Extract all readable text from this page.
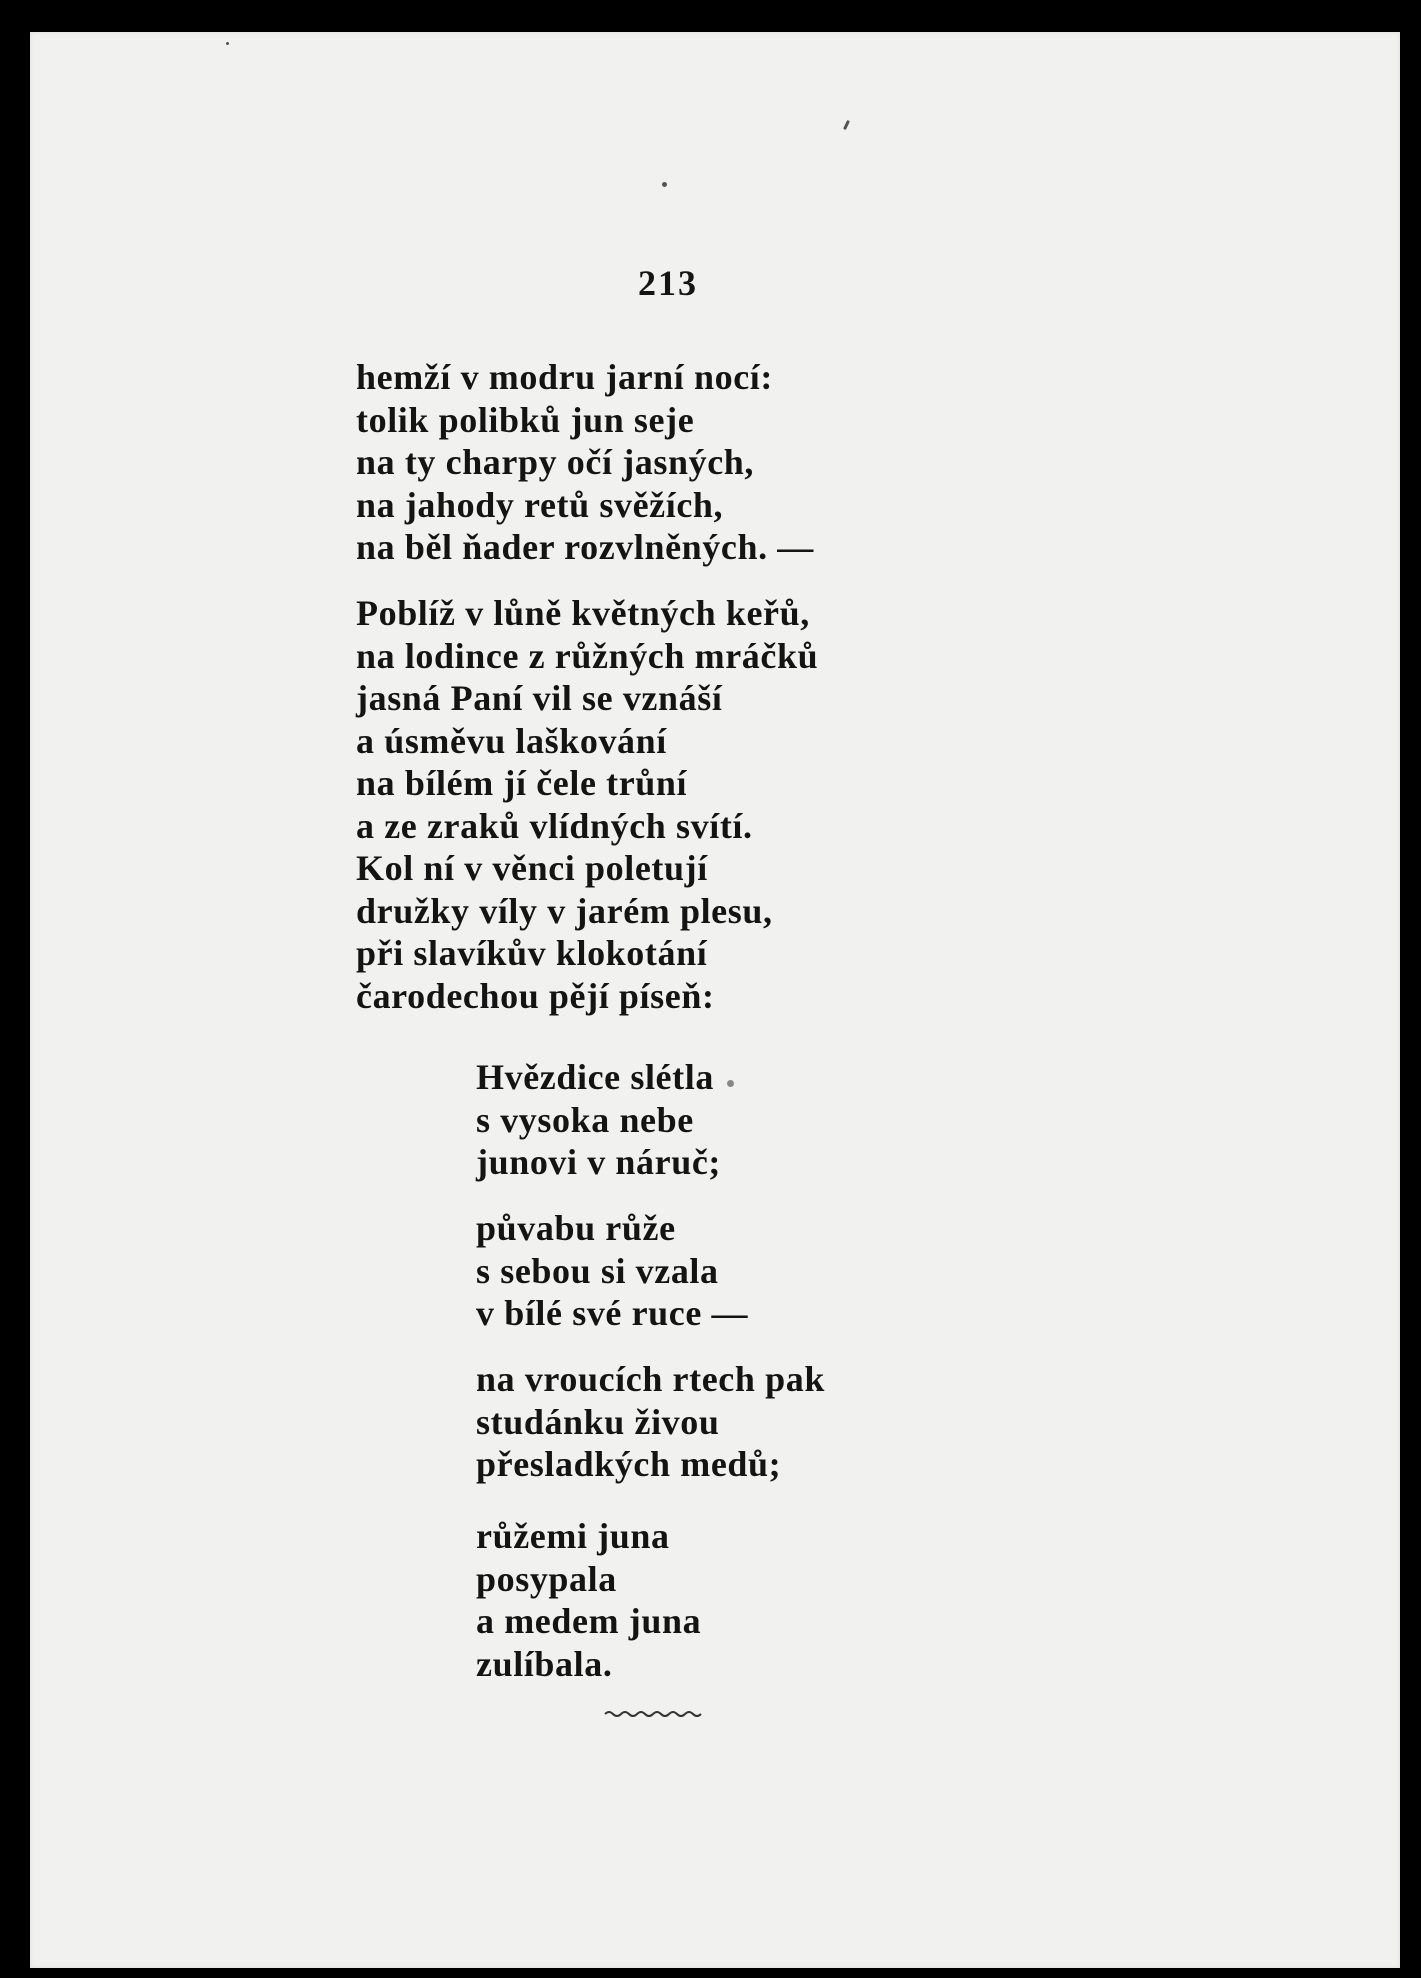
213
hemží v modru jarní nocí:
tolik polibků jun seje
na ty charpy očí jasných,
na jahody retů svěžích,
na běl ňader rozvlněných. —
Poblíž v lůně květných keřů,
na lodince z růžných mráčků
jasná Paní vil se vznáší
a úsměvu laškování
na bílém jí čele trůní
a ze zraků vlídných svítí.
Kol ní v věnci poletují
družky víly v jarém plesu,
při slavíkův klokotání
čarodechou pějí píseň:
Hvězdice slétla
s vysoka nebe
junovi v náruč;
půvabu růže
s sebou si vzala
v bílé své ruce —
na vroucích rtech pak
studánku živou
přesladkých medů;
růžemi juna
posypala
a medem juna
zulíbala.
